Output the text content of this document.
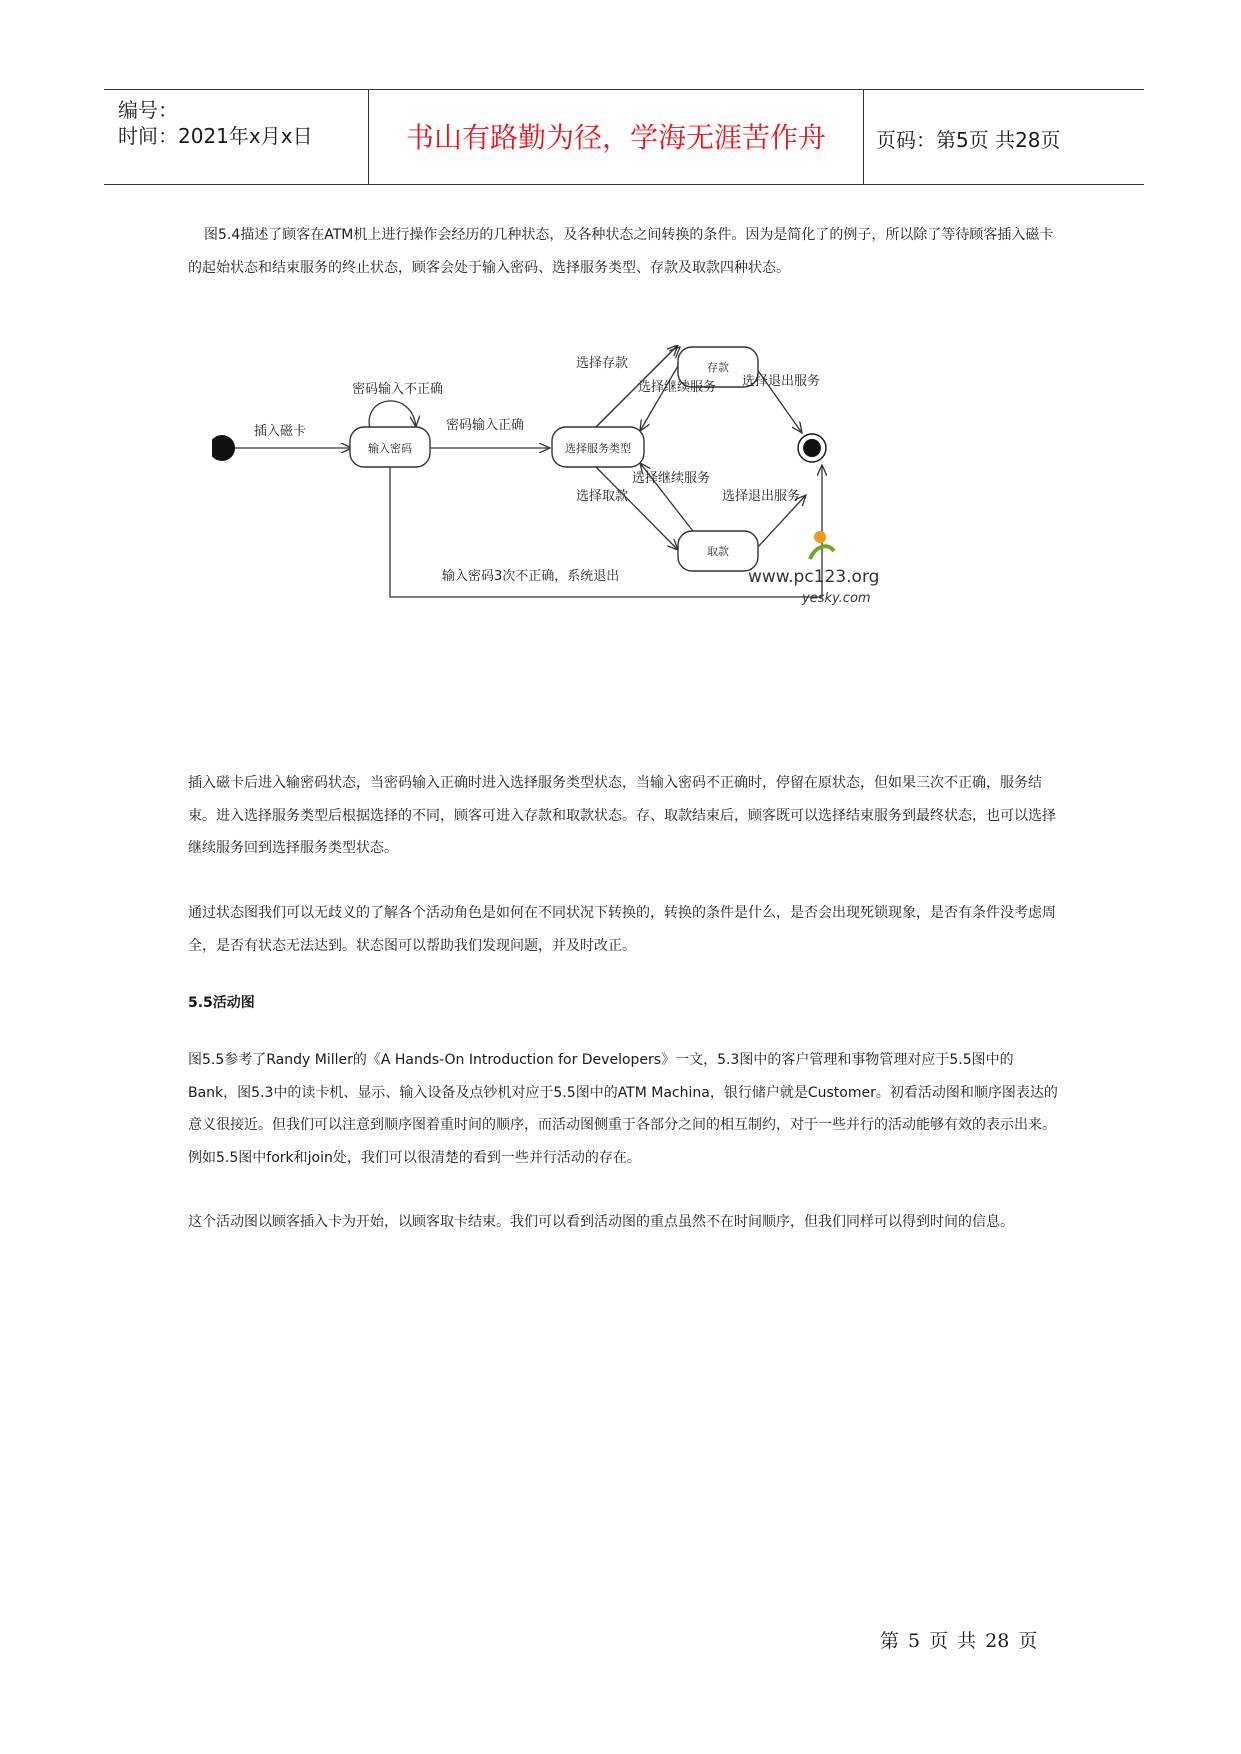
编号：
时间：2021年x月x日	书山有路勤为径，学海无涯苦作舟	页码：第5页 共28页
图5.4描述了顾客在ATM机上进行操作会经历的几种状态，及各种状态之间转换的条件。因为是简化了的例子，所以除了等待顾客插入磁卡的起始状态和结束服务的终止状态，顾客会处于输入密码、选择服务类型、存款及取款四种状态。
输入密码	选择服务类型
存款
取款
插入磁卡
密码输入不正确
密码输入正确
选择存款
选择继续服务 选择退出服务
选择继续服务
选择取款	选择退出服务
输入密码3次不正确，系统退出	www.pc123.org
yesky.com
插入磁卡后进入输密码状态，当密码输入正确时进入选择服务类型状态，当输入密码不正确时，停留在原状态，但如果三次不正确，服务结束。进入选择服务类型后根据选择的不同，顾客可进入存款和取款状态。存、取款结束后，顾客既可以选择结束服务到最终状态，也可以选择继续服务回到选择服务类型状态。
通过状态图我们可以无歧义的了解各个活动角色是如何在不同状况下转换的，转换的条件是什么，是否会出现死锁现象，是否有条件没考虑周全，是否有状态无法达到。状态图可以帮助我们发现问题，并及时改正。
5.5活动图
图5.5参考了Randy Miller的《A Hands-On Introduction for Developers》一文，5.3图中的客户管理和事物管理对应于5.5图中的Bank，图5.3中的读卡机、显示、输入设备及点钞机对应于5.5图中的ATM Machina，银行储户就是Customer。初看活动图和顺序图表达的意义很接近。但我们可以注意到顺序图着重时间的顺序，而活动图侧重于各部分之间的相互制约，对于一些并行的活动能够有效的表示出来。例如5.5图中fork和join处，我们可以很清楚的看到一些并行活动的存在。
这个活动图以顾客插入卡为开始，以顾客取卡结束。我们可以看到活动图的重点虽然不在时间顺序，但我们同样可以得到时间的信息。
第 5 页 共 28 页
